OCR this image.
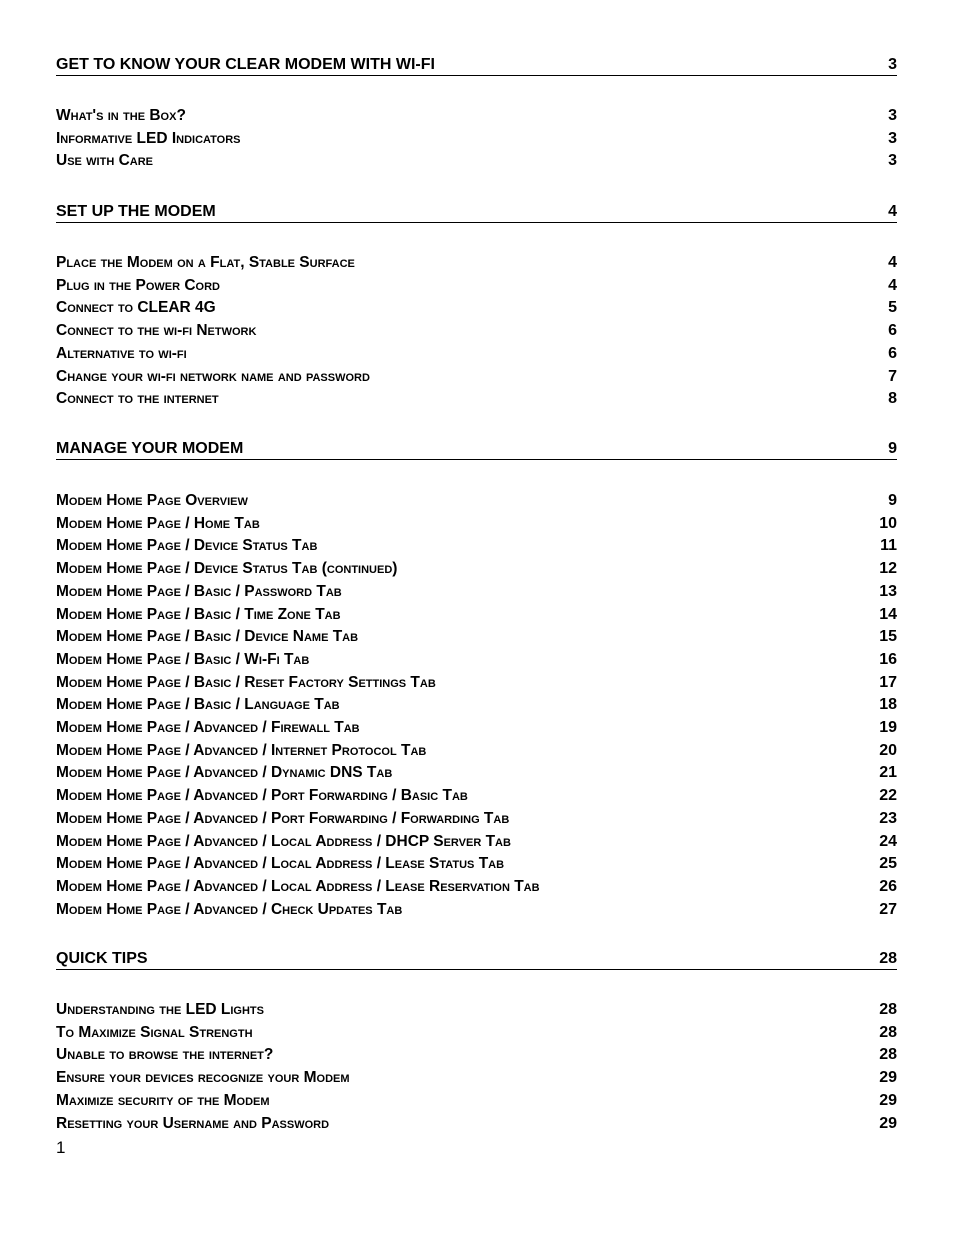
GET TO KNOW YOUR CLEAR MODEM WITH WI-FI	3
What's in the Box?	3
Informative LED Indicators	3
Use with Care	3
SET UP THE MODEM	4
Place the Modem on a Flat, Stable Surface	4
Plug in the Power Cord	4
Connect to CLEAR 4G	5
Connect to the wi-fi Network	6
Alternative to wi-fi	6
Change your wi-fi network name and password	7
Connect to the internet	8
MANAGE YOUR MODEM	9
Modem Home Page Overview	9
Modem Home Page / Home Tab	10
Modem Home Page / Device Status Tab	11
Modem Home Page / Device Status Tab (continued)	12
Modem Home Page / Basic / Password Tab	13
Modem Home Page / Basic / Time Zone Tab	14
Modem Home Page / Basic / Device Name Tab	15
Modem Home Page / Basic / Wi-Fi Tab	16
Modem Home Page / Basic / Reset Factory Settings Tab	17
Modem Home Page / Basic / Language Tab	18
Modem Home Page / Advanced / Firewall Tab	19
Modem Home Page / Advanced / Internet Protocol Tab	20
Modem Home Page / Advanced / Dynamic DNS Tab	21
Modem Home Page / Advanced / Port Forwarding / Basic Tab	22
Modem Home Page / Advanced / Port Forwarding / Forwarding Tab	23
Modem Home Page / Advanced / Local Address / DHCP Server Tab	24
Modem Home Page / Advanced / Local Address / Lease Status Tab	25
Modem Home Page / Advanced / Local Address / Lease Reservation Tab	26
Modem Home Page / Advanced / Check Updates Tab	27
QUICK TIPS	28
Understanding the LED Lights	28
To Maximize Signal Strength	28
Unable to browse the internet?	28
Ensure your devices recognize your Modem	29
Maximize security of the Modem	29
Resetting your Username and Password	29
1
